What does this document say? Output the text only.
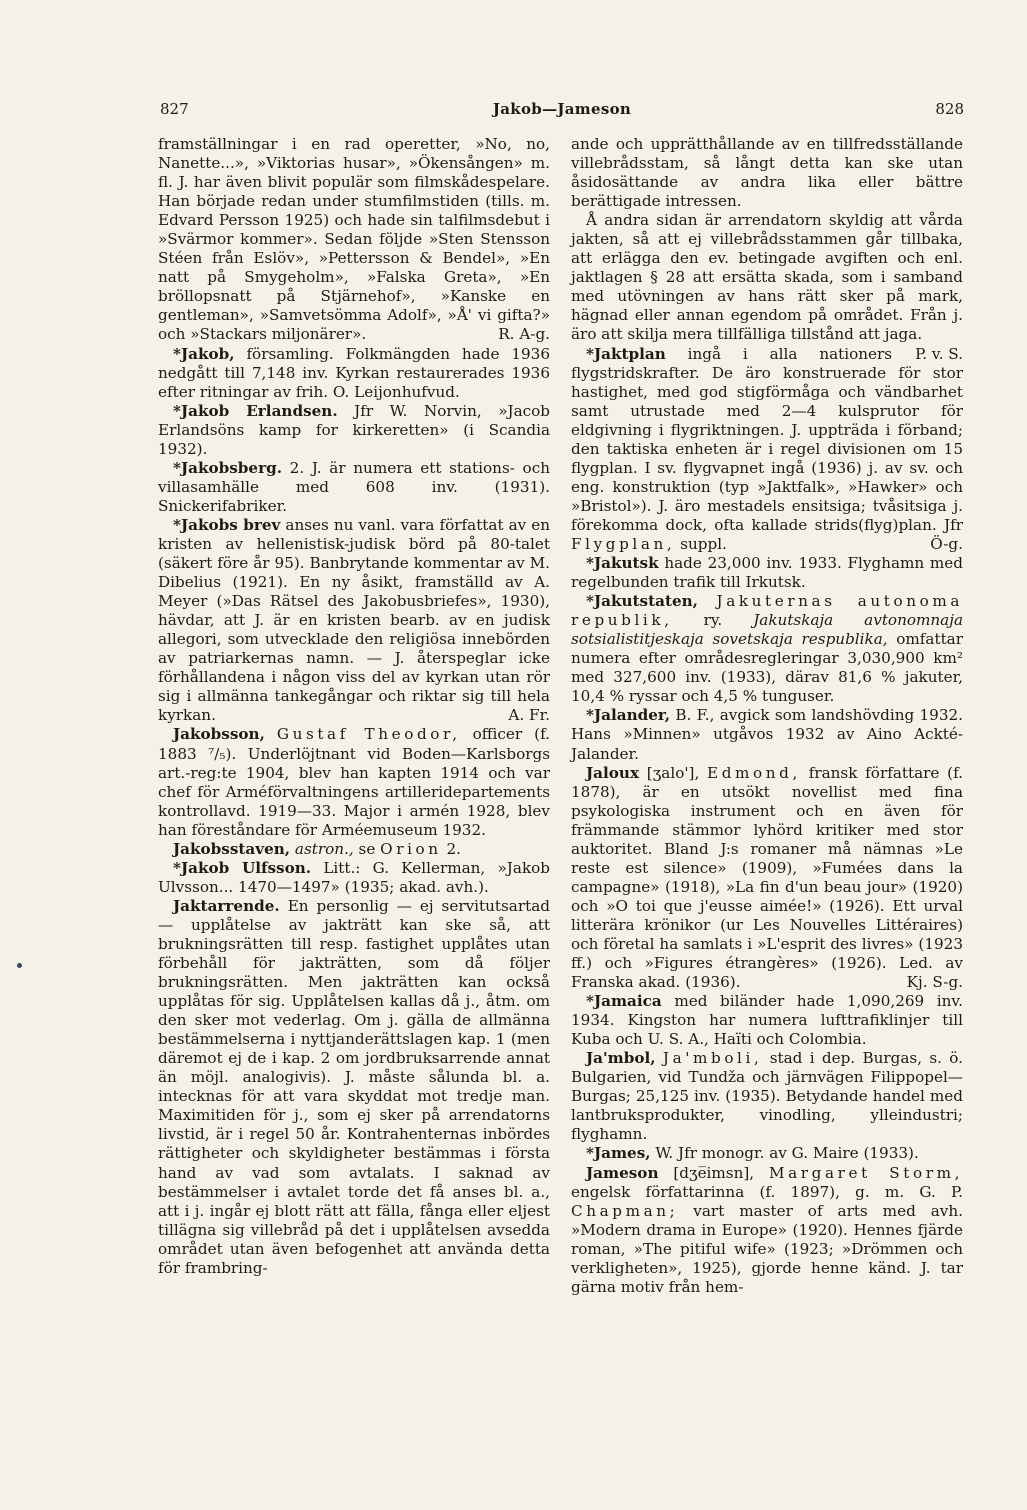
827	Jakob—Jameson	828

framställningar i en rad operetter, »No, no, Nanette...», »Viktorias husar», »Ökensången» m. fl. J. har även blivit populär som filmskådespelare. Han började redan under stumfilmstiden (tills. m. Edvard Persson 1925) och hade sin talfilmsdebut i »Svärmor kommer». Sedan följde »Sten Stensson Stéen från Eslöv», »Pettersson & Bendel», »En natt på Smygeholm», »Falska Greta», »En bröllopsnatt på Stjärnehof», »Kanske en gentleman», »Samvetsömma Adolf», »Å' vi gifta?» och »Stackars miljonärer».	R. A-g.

*Jakob, församling. Folkmängden hade 1936 nedgått till 7,148 inv. Kyrkan restaurerades 1936 efter ritningar av frih. O. Leijonhufvud.

*Jakob Erlandsen. Jfr W. Norvin, »Jacob Erlandsöns kamp for kirkeretten» (i Scandia 1932).

*Jakobsberg. 2. J. är numera ett stations- och villasamhälle med 608 inv. (1931). Snickerifabriker.

*Jakobs brev anses nu vanl. vara författat av en kristen av hellenistisk-judisk börd på 80-talet (säkert före år 95). Banbrytande kommentar av M. Dibelius (1921). En ny åsikt, framställd av A. Meyer (»Das Rätsel des Jakobusbriefes», 1930), hävdar, att J. är en kristen bearb. av en judisk allegori, som utvecklade den religiösa innebörden av patriarkernas namn. — J. återspeglar icke förhållandena i någon viss del av kyrkan utan rör sig i allmänna tankegångar och riktar sig till hela kyrkan.	A. Fr.

Jakobsson, Gustaf Theodor, officer (f. 1883 ⁷/₅). Underlöjtnant vid Boden—Karlsborgs art.-reg:te 1904, blev han kapten 1914 och var chef för Arméförvaltningens artilleridepartements kontrollavd. 1919—33. Major i armén 1928, blev han föreståndare för Arméemuseum 1932.

Jakobsstaven, astron., se Orion 2.

*Jakob Ulfsson. Litt.: G. Kellerman, »Jakob Ulvsson... 1470—1497» (1935; akad. avh.).

Jaktarrende. En personlig — ej servitutsartad — upplåtelse av jakträtt kan ske så, att brukningsrätten till resp. fastighet upplåtes utan förbehåll för jakträtten, som då följer brukningsrätten. Men jakträtten kan också upplåtas för sig. Upplåtelsen kallas då j., åtm. om den sker mot vederlag. Om j. gälla de allmänna bestämmelserna i nyttjanderättslagen kap. 1 (men däremot ej de i kap. 2 om jordbruksarrende annat än möjl. analogivis). J. måste sålunda bl. a. intecknas för att vara skyddat mot tredje man. Maximitiden för j., som ej sker på arrendatorns livstid, är i regel 50 år. Kontrahenternas inbördes rättigheter och skyldigheter bestämmas i första hand av vad som avtalats. I saknad av bestämmelser i avtalet torde det få anses bl. a., att i j. ingår ej blott rätt att fälla, fånga eller eljest tillägna sig villebråd på det i upplåtelsen avsedda området utan även befogenhet att använda detta för frambring-

ande och upprätthållande av en tillfredsställande villebrådsstam, så långt detta kan ske utan åsidosättande av andra lika eller bättre berättigade intressen.

Å andra sidan är arrendatorn skyldig att vårda jakten, så att ej villebrådsstammen går tillbaka, att erlägga den ev. betingade avgiften och enl. jaktlagen § 28 att ersätta skada, som i samband med utövningen av hans rätt sker på mark, hägnad eller annan egendom på området. Från j. äro att skilja mera tillfälliga tillstånd att jaga.
P. v. S.

*Jaktplan ingå i alla nationers flygstridskrafter. De äro konstruerade för stor hastighet, med god stigförmåga och vändbarhet samt utrustade med 2—4 kulsprutor för eldgivning i flygriktningen. J. uppträda i förband; den taktiska enheten är i regel divisionen om 15 flygplan. I sv. flygvapnet ingå (1936) j. av sv. och eng. konstruktion (typ »Jaktfalk», »Hawker» och »Bristol»). J. äro mestadels ensitsiga; tvåsitsiga j. förekomma dock, ofta kallade strids(flyg)plan. Jfr Flygplan, suppl.	Ö-g.

*Jakutsk hade 23,000 inv. 1933. Flyghamn med regelbunden trafik till Irkutsk.

*Jakutstaten, Jakuternas autonoma republik, ry. Jakutskaja avtonomnaja sotsialistitjeskaja sovetskaja respublika, omfattar numera efter områdesregleringar 3,030,900 km² med 327,600 inv. (1933), därav 81,6 % jakuter, 10,4 % ryssar och 4,5 % tunguser.

*Jalander, B. F., avgick som landshövding 1932. Hans »Minnen» utgåvos 1932 av Aino Ackté-Jalander.

Jaloux [ʒalo'], Edmond, fransk författare (f. 1878), är en utsökt novellist med fina psykologiska instrument och en även för främmande stämmor lyhörd kritiker med stor auktoritet. Bland J:s romaner må nämnas »Le reste est silence» (1909), »Fumées dans la campagne» (1918), »La fin d'un beau jour» (1920) och »O toi que j'eusse aimée!» (1926). Ett urval litterära krönikor (ur Les Nouvelles Littéraires) och företal ha samlats i »L'esprit des livres» (1923 ff.) och »Figures étrangères» (1926). Led. av Franska akad. (1936).	Kj. S-g.

*Jamaica med biländer hade 1,090,269 inv. 1934. Kingston har numera lufttrafiklinjer till Kuba och U. S. A., Haïti och Colombia.

Ja'mbol, Ja'mboli, stad i dep. Burgas, s. ö. Bulgarien, vid Tundža och järnvägen Filippopel—Burgas; 25,125 inv. (1935). Betydande handel med lantbruksprodukter, vinodling, ylleindustri; flyghamn.

*James, W. Jfr monogr. av G. Maire (1933).

Jameson [dʒe̅imsn], Margaret Storm, engelsk författarinna (f. 1897), g. m. G. P. Chapman; vart master of arts med avh. »Modern drama in Europe» (1920). Hennes fjärde roman, »The pitiful wife» (1923; »Drömmen och verkligheten», 1925), gjorde henne känd. J. tar gärna motiv från hem-
